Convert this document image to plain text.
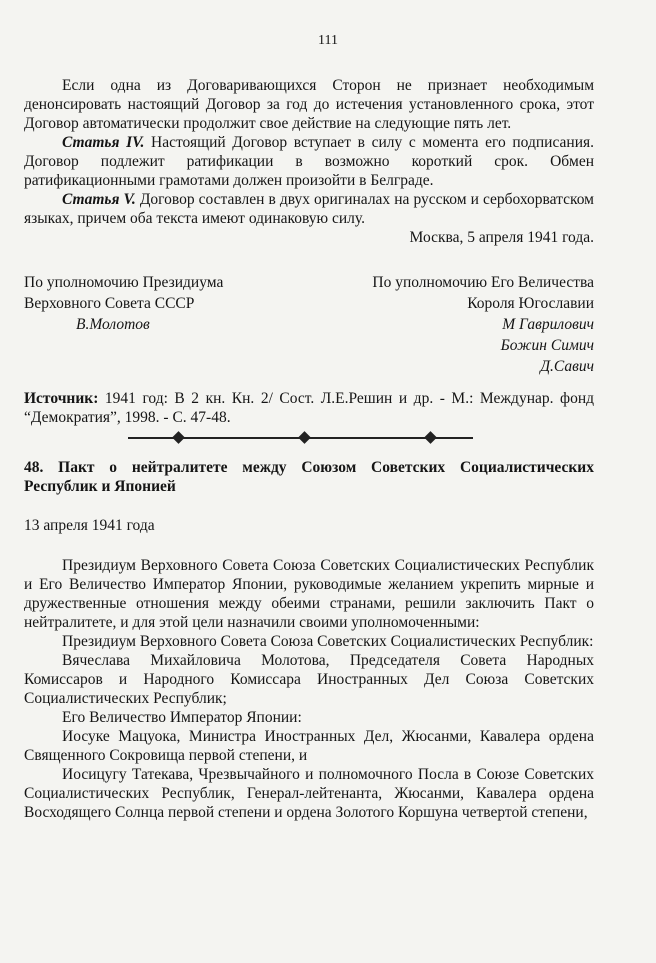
111

Если одна из Договаривающихся Сторон не признает необходимым денонсировать настоящий Договор за год до истечения установленного срока, этот Договор автоматически продолжит свое действие на следующие пять лет.

Статья IV. Настоящий Договор вступает в силу с момента его подписания. Договор подлежит ратификации в возможно короткий срок. Обмен ратификационными грамотами должен произойти в Белграде.

Статья V. Договор составлен в двух оригиналах на русском и сербохорватском языках, причем оба текста имеют одинаковую силу.

Москва, 5 апреля 1941 года.

По уполномочию Президиума
Верховного Совета СССР
В.Молотов
По уполномочию Его Величества
Короля Югославии
М Гаврилович
Божин Симич
Д.Савич
Источник: 1941 год: В 2 кн. Кн. 2/ Сост. Л.Е.Решин и др. - М.: Междунар. фонд “Демократия”, 1998. - С. 47-48.
48. Пакт о нейтралитете между Союзом Советских Социалистических Республик и Японией
13 апреля 1941 года

Президиум Верховного Совета Союза Советских Социалистических Республик и Его Величество Император Японии, руководимые желанием укрепить мирные и дружественные отношения между обеими странами, решили заключить Пакт о нейтралитете, и для этой цели назначили своими уполномоченными:

Президиум Верховного Совета Союза Советских Социалистических Республик:

Вячеслава Михайловича Молотова, Председателя Совета Народных Комиссаров и Народного Комиссара Иностранных Дел Союза Советских Социалистических Республик;

Его Величество Император Японии:

Иосуке Мацуока, Министра Иностранных Дел, Жюсанми, Кавалера ордена Священного Сокровища первой степени, и

Иосицугу Татекава, Чрезвычайного и полномочного Посла в Союзе Советских Социалистических Республик, Генерал-лейтенанта, Жюсанми, Кавалера ордена Восходящего Солнца первой степени и ордена Золотого Коршуна четвертой степени,
